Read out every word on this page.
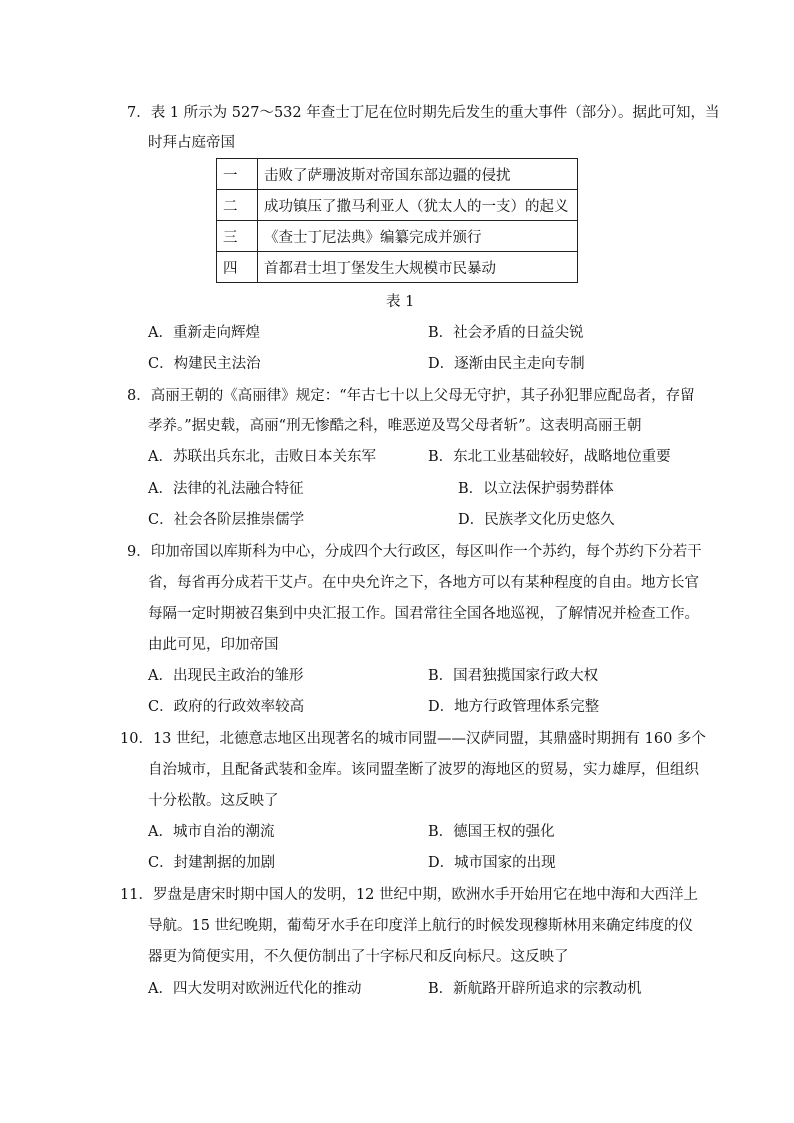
7．表 1 所示为 527～532 年查士丁尼在位时期先后发生的重大事件（部分）。据此可知，当
时拜占庭帝国
一	击败了萨珊波斯对帝国东部边疆的侵扰
二	成功镇压了撒马利亚人（犹太人的一支）的起义
三	《查士丁尼法典》编纂完成并颁行
四	首都君士坦丁堡发生大规模市民暴动
表 1
A．重新走向辉煌	B．社会矛盾的日益尖锐
C．构建民主法治	D．逐渐由民主走向专制
8．高丽王朝的《高丽律》规定：“年古七十以上父母无守护，其子孙犯罪应配岛者，存留
孝养。”据史载，高丽“刑无惨酷之科，唯恶逆及骂父母者斩”。这表明高丽王朝
A．苏联出兵东北，击败日本关东军	B．东北工业基础较好，战略地位重要
A．法律的礼法融合特征	B．以立法保护弱势群体
C．社会各阶层推崇儒学	D．民族孝文化历史悠久
9．印加帝国以库斯科为中心，分成四个大行政区，每区叫作一个苏约，每个苏约下分若干
省，每省再分成若干艾卢。在中央允许之下，各地方可以有某种程度的自由。地方长官
每隔一定时期被召集到中央汇报工作。国君常往全国各地巡视，了解情况并检查工作。
由此可见，印加帝国
A．出现民主政治的雏形	B．国君独揽国家行政大权
C．政府的行政效率较高	D．地方行政管理体系完整
10．13 世纪，北德意志地区出现著名的城市同盟——汉萨同盟，其鼎盛时期拥有 160 多个
自治城市，且配备武装和金库。该同盟垄断了波罗的海地区的贸易，实力雄厚，但组织
十分松散。这反映了
A．城市自治的潮流	B．德国王权的强化
C．封建割据的加剧	D．城市国家的出现
11．罗盘是唐宋时期中国人的发明，12 世纪中期，欧洲水手开始用它在地中海和大西洋上
导航。15 世纪晚期，葡萄牙水手在印度洋上航行的时候发现穆斯林用来确定纬度的仪
器更为简便实用，不久便仿制出了十字标尺和反向标尺。这反映了
A．四大发明对欧洲近代化的推动	B．新航路开辟所追求的宗教动机
